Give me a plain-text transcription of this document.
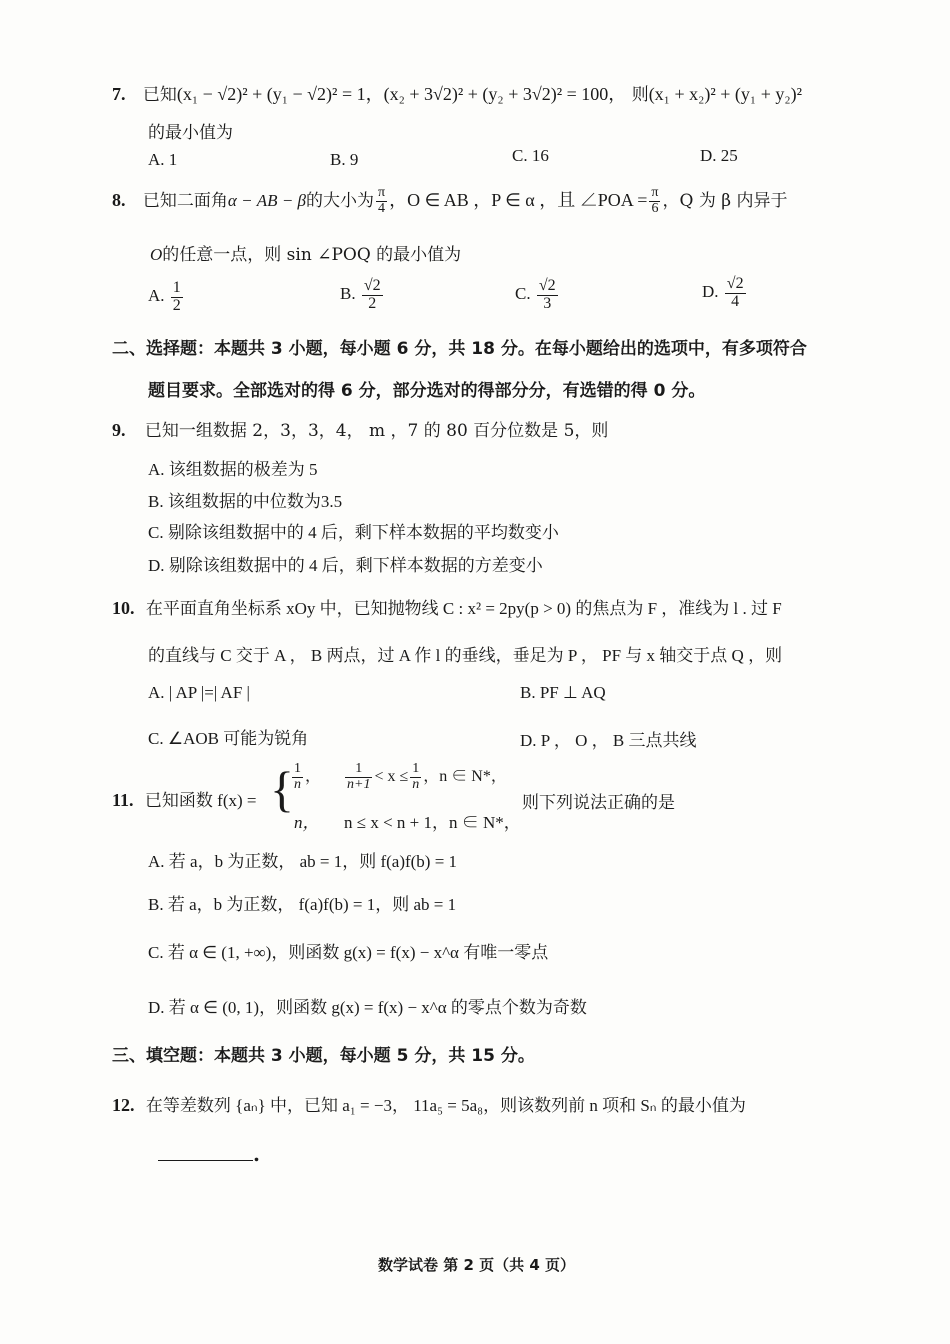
7. 已知(x₁ − √2)² + (y₁ − √2)² = 1，(x₂ + 3√2)² + (y₂ + 3√2)² = 100， 则(x₁ + x₂)² + (y₁ + y₂)²
的最小值为
A. 1	B. 9	C. 16	D. 25
8. 已知二面角α − AB − β的大小为 $\frac{\pi}{4}$ ，O ∈ AB ，P ∈ α ，且 ∠POA = $\frac{\pi}{6}$ ，Q 为 β 内异于
O的任意一点，则 sin ∠POQ 的最小值为
A. $\frac{1}{2}$	B. $\frac{√2}{2}$	C. $\frac{√2}{3}$	D. $\frac{√2}{4}$
二、选择题：本题共 3 小题，每小题 6 分，共 18 分。在每小题给出的选项中，有多项符合
题目要求。全部选对的得 6 分，部分选对的得部分分，有选错的得 0 分。
9. 已知一组数据 2，3，3，4， m ，7 的 80 百分位数是 5，则
A. 该组数据的极差为 5
B. 该组数据的中位数为3.5
C. 剔除该组数据中的 4 后，剩下样本数据的平均数变小
D. 剔除该组数据中的 4 后，剩下样本数据的方差变小
10. 在平面直角坐标系 xOy 中，已知抛物线 C : x² = 2py(p > 0) 的焦点为 F ，准线为 l . 过 F
的直线与 C 交于 A ， B 两点，过 A 作 l 的垂线，垂足为 P ， PF 与 x 轴交于点 Q ，则
A. | AP |=| AF |	B. PF ⊥ AQ
C. ∠AOB 可能为锐角	D. P ， O ， B 三点共线
11. 已知函数 f(x) = {
$\frac{1}{n}$ ， $\frac{1}{n+1} < x \le \frac{1}{n}$ ，n ∈ N*，
n， n ≤ x < n + 1，n ∈ N*，
则下列说法正确的是
A. 若 a，b 为正数， ab = 1，则 f(a)f(b) = 1
B. 若 a，b 为正数， f(a)f(b) = 1，则 ab = 1
C. 若 α ∈ (1, +∞)，则函数 g(x) = f(x) − x^α 有唯一零点
D. 若 α ∈ (0, 1)，则函数 g(x) = f(x) − x^α 的零点个数为奇数
三、填空题：本题共 3 小题，每小题 5 分，共 15 分。
12. 在等差数列 {aₙ} 中，已知 a₁ = −3， 11a₅ = 5a₈，则该数列前 n 项和 Sₙ 的最小值为
.
数学试卷 第 2 页（共 4 页）
